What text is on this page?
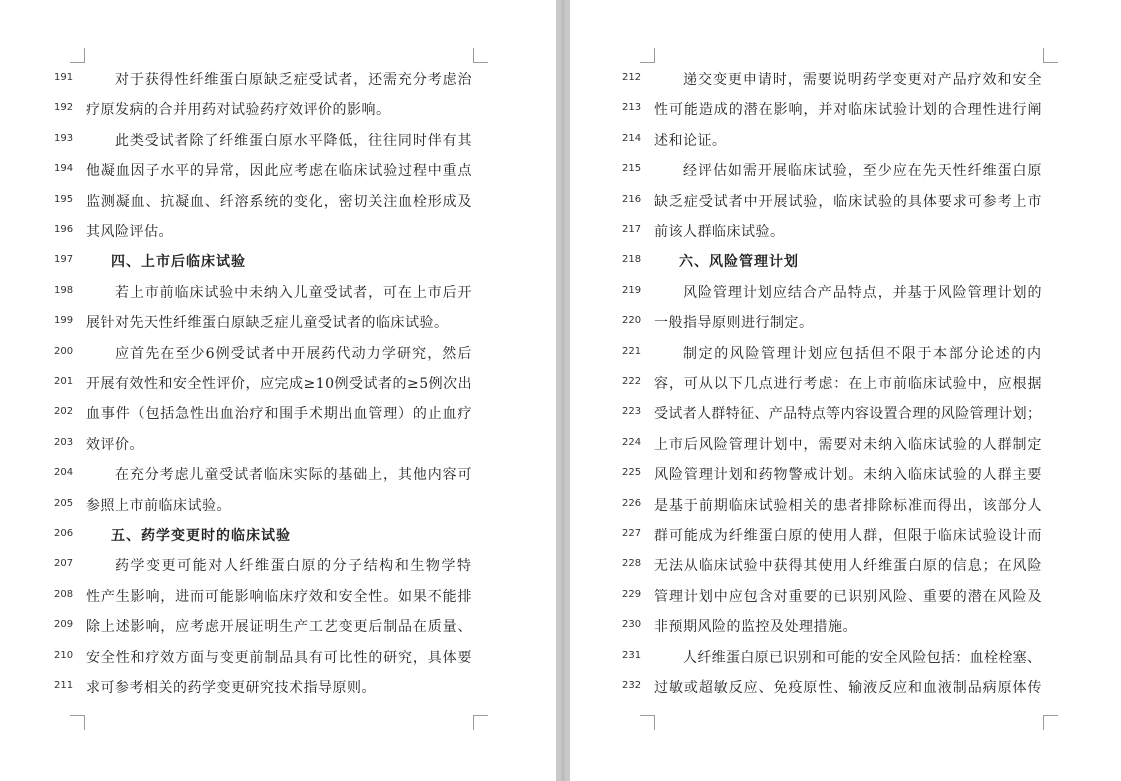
191	对于获得性纤维蛋白原缺乏症受试者，还需充分考虑治
192 疗原发病的合并用药对试验药疗效评价的影响。
193	此类受试者除了纤维蛋白原水平降低，往往同时伴有其
194 他凝血因子水平的异常，因此应考虑在临床试验过程中重点
195 监测凝血、抗凝血、纤溶系统的变化，密切关注血栓形成及
196 其风险评估。
197	四、上市后临床试验
198	若上市前临床试验中未纳入儿童受试者，可在上市后开
199 展针对先天性纤维蛋白原缺乏症儿童受试者的临床试验。
200	应首先在至少6例受试者中开展药代动力学研究，然后
201 开展有效性和安全性评价，应完成≥10例受试者的≥5例次出
202 血事件（包括急性出血治疗和围手术期出血管理）的止血疗
203 效评价。
204	在充分考虑儿童受试者临床实际的基础上，其他内容可
205 参照上市前临床试验。
206	五、药学变更时的临床试验
207	药学变更可能对人纤维蛋白原的分子结构和生物学特
208 性产生影响，进而可能影响临床疗效和安全性。如果不能排
209 除上述影响，应考虑开展证明生产工艺变更后制品在质量、
210 安全性和疗效方面与变更前制品具有可比性的研究，具体要
211 求可参考相关的药学变更研究技术指导原则。
212	递交变更申请时，需要说明药学变更对产品疗效和安全
213 性可能造成的潜在影响，并对临床试验计划的合理性进行阐
214 述和论证。
215	经评估如需开展临床试验，至少应在先天性纤维蛋白原
216 缺乏症受试者中开展试验，临床试验的具体要求可参考上市
217 前该人群临床试验。
218	六、风险管理计划
219	风险管理计划应结合产品特点，并基于风险管理计划的
220 一般指导原则进行制定。
221	制定的风险管理计划应包括但不限于本部分论述的内
222 容，可从以下几点进行考虑：在上市前临床试验中，应根据
223 受试者人群特征、产品特点等内容设置合理的风险管理计划；
224 上市后风险管理计划中，需要对未纳入临床试验的人群制定
225 风险管理计划和药物警戒计划。未纳入临床试验的人群主要
226 是基于前期临床试验相关的患者排除标准而得出，该部分人
227 群可能成为纤维蛋白原的使用人群，但限于临床试验设计而
228 无法从临床试验中获得其使用人纤维蛋白原的信息；在风险
229 管理计划中应包含对重要的已识别风险、重要的潜在风险及
230 非预期风险的监控及处理措施。
231	人纤维蛋白原已识别和可能的安全风险包括：血栓栓塞、
232 过敏或超敏反应、免疫原性、输液反应和血液制品病原体传
